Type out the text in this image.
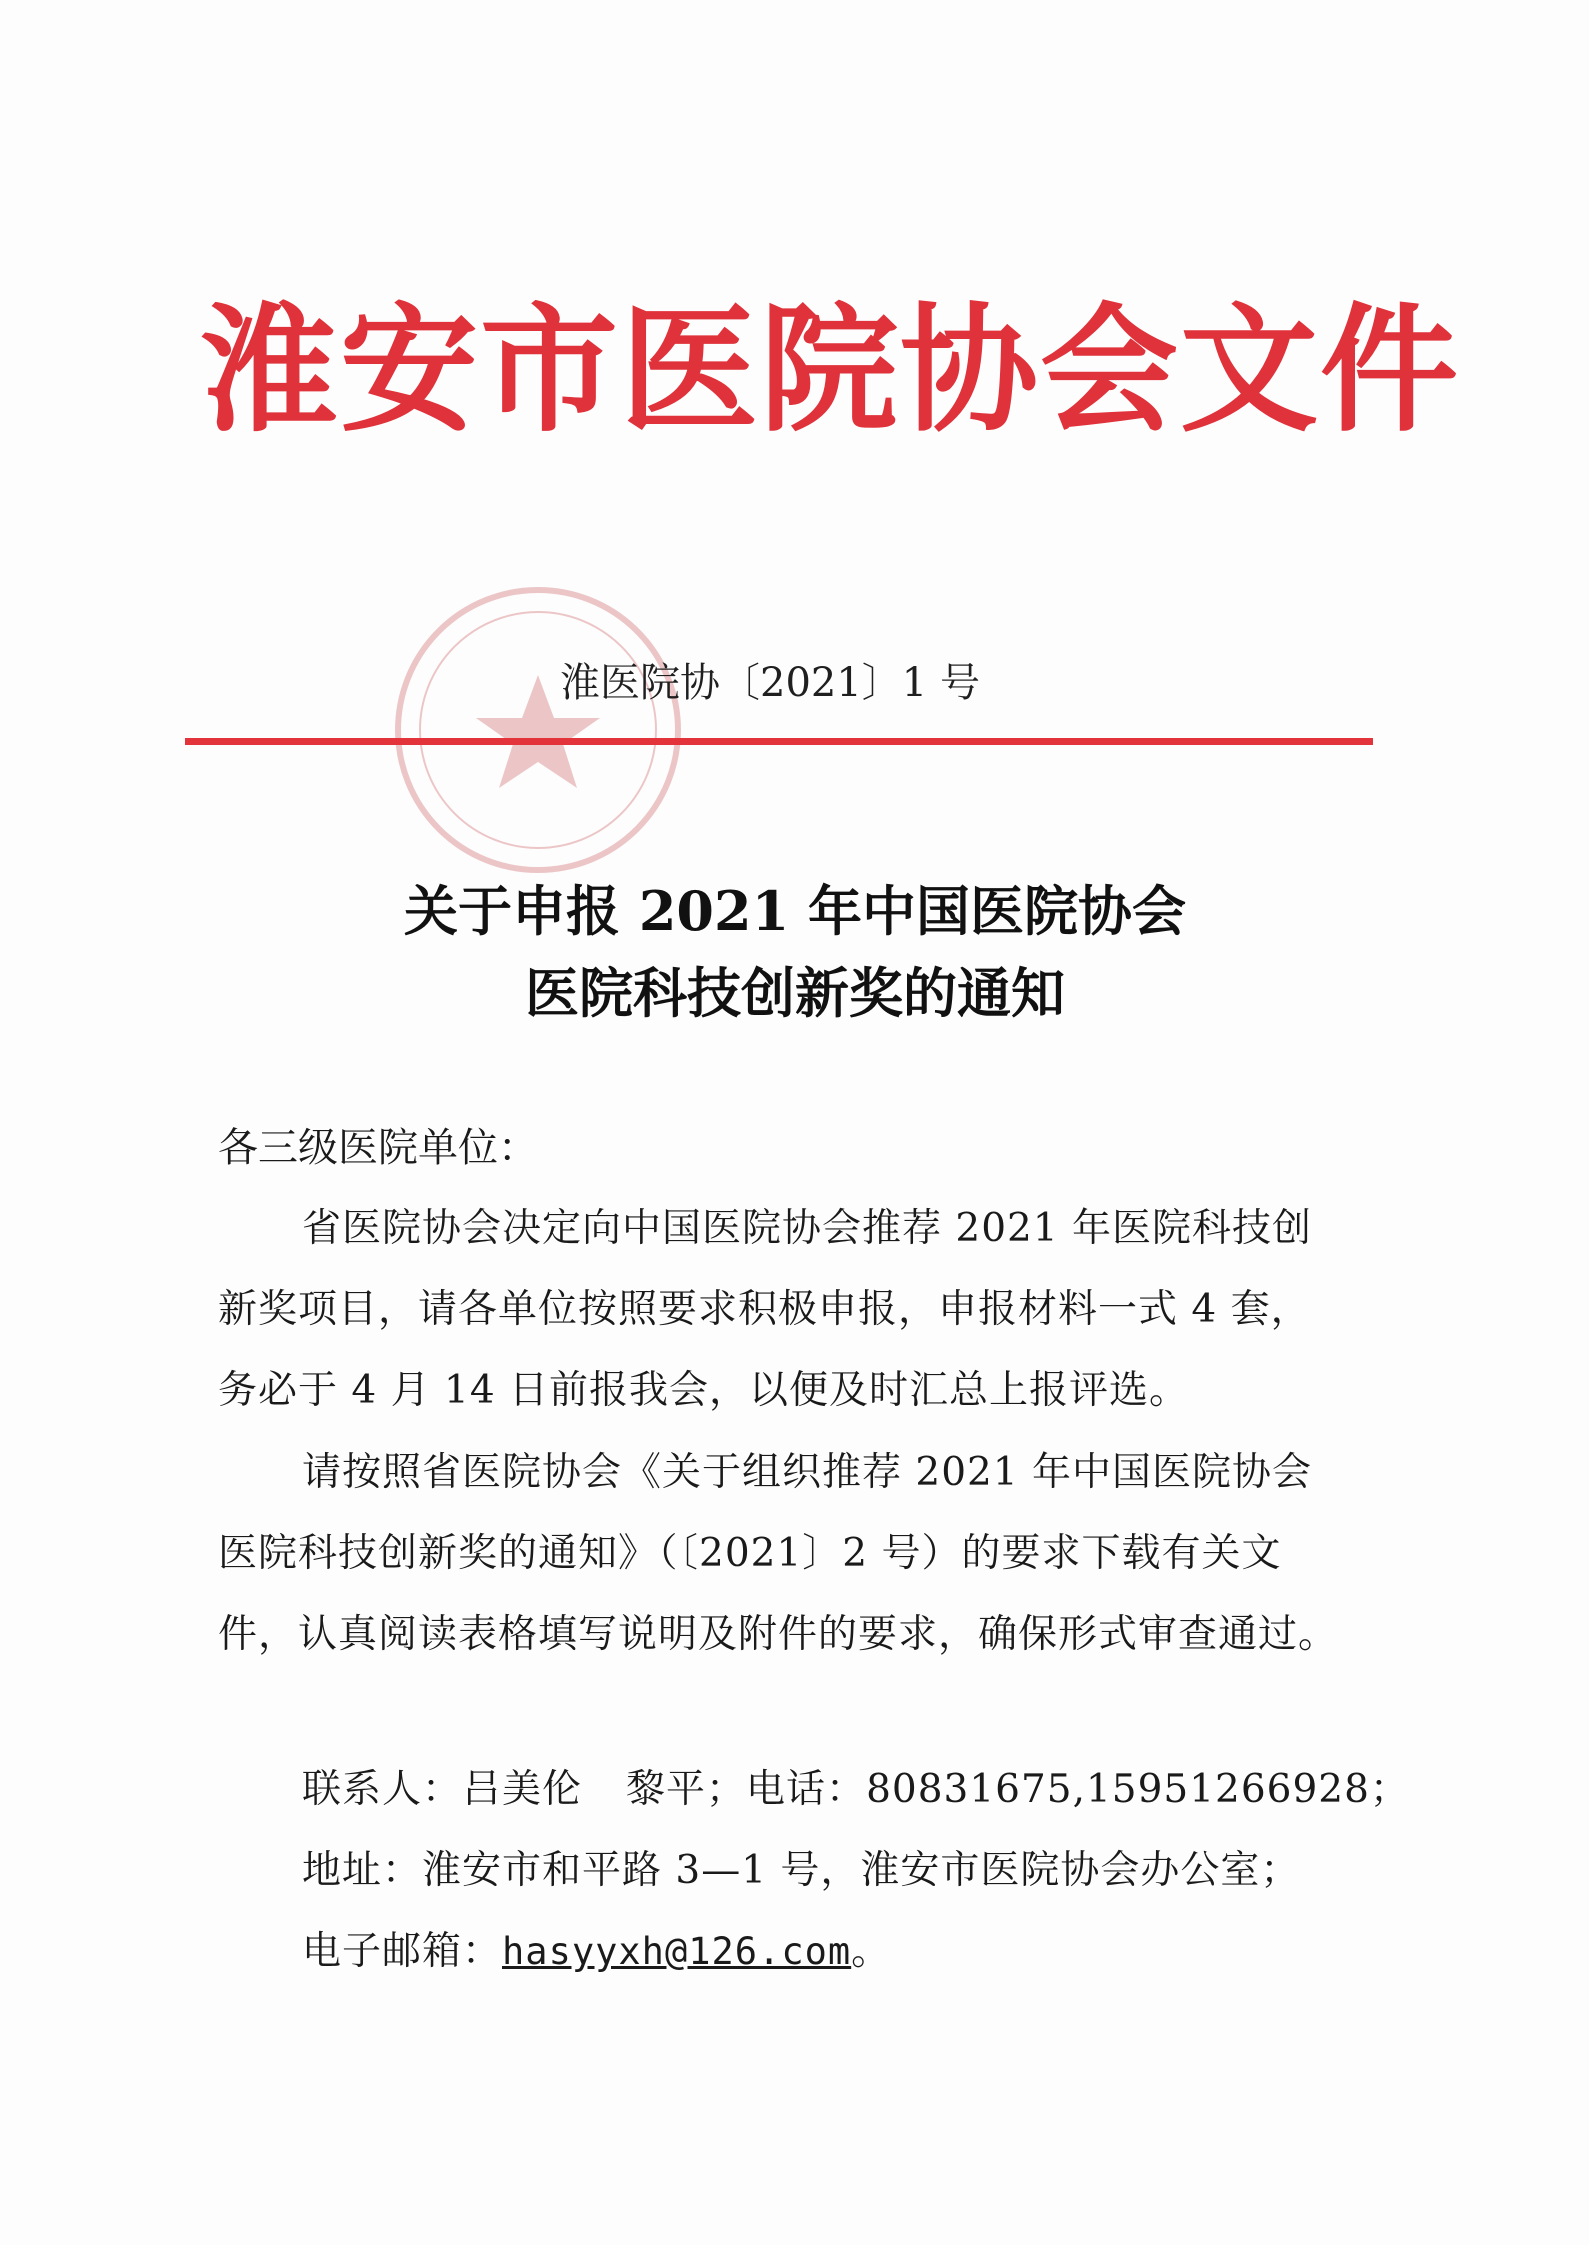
淮安市医院协会文件
淮医院协〔2021〕1 号
关于申报 2021 年中国医院协会
医院科技创新奖的通知
各三级医院单位：
省医院协会决定向中国医院协会推荐 2021 年医院科技创新奖项目，请各单位按照要求积极申报，申报材料一式 4 套，务必于 4 月 14 日前报我会，以便及时汇总上报评选。
请按照省医院协会《关于组织推荐 2021 年中国医院协会医院科技创新奖的通知》（〔2021〕2 号）的要求下载有关文件，认真阅读表格填写说明及附件的要求，确保形式审查通过。
联系人：吕美伦 黎平；电话：80831675,15951266928；
地址：淮安市和平路 3—1 号，淮安市医院协会办公室；
电子邮箱：hasyyxh@126.com。
